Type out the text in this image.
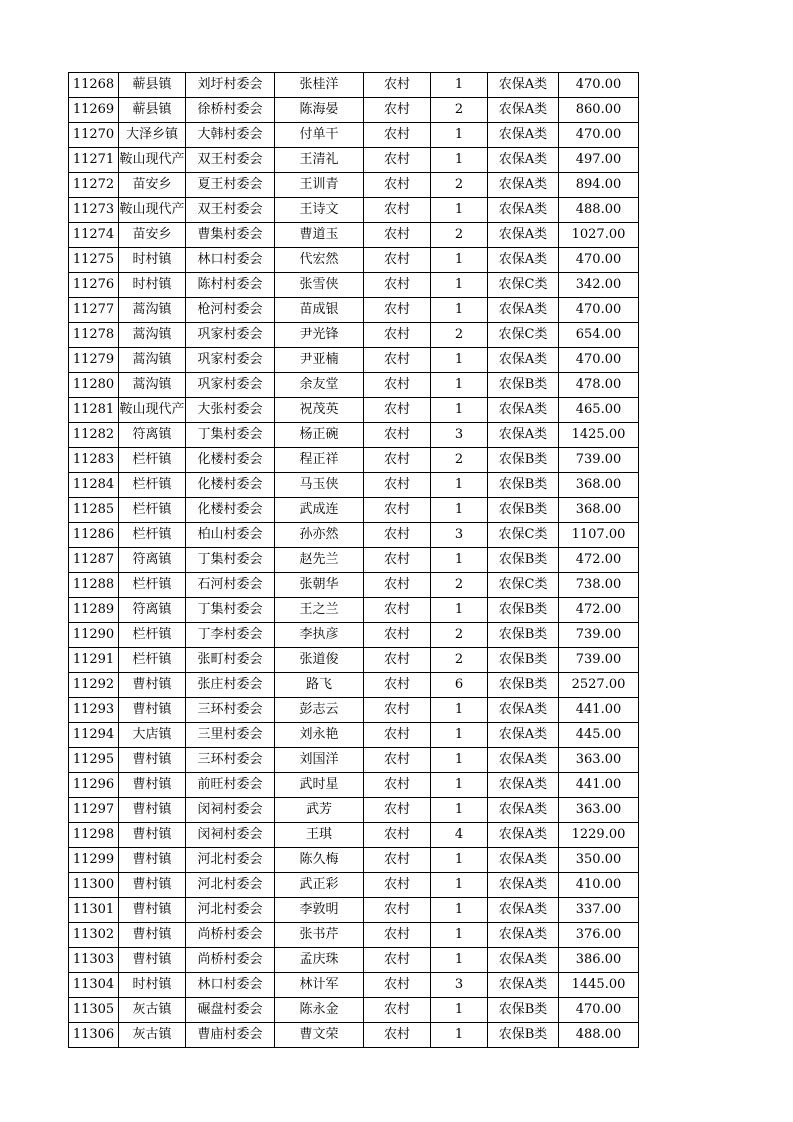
11268	蕲县镇	刘圩村委会	张桂洋	农村	1	农保A类	470.00
11269	蕲县镇	徐桥村委会	陈海晏	农村	2	农保A类	860.00
11270	大泽乡镇	大韩村委会	付单干	农村	1	农保A类	470.00
11271	鞍山现代产	双王村委会	王清礼	农村	1	农保A类	497.00
11272	苗安乡	夏王村委会	王训青	农村	2	农保A类	894.00
11273	鞍山现代产	双王村委会	王诗文	农村	1	农保A类	488.00
11274	苗安乡	曹集村委会	曹道玉	农村	2	农保A类	1027.00
11275	时村镇	林口村委会	代宏然	农村	1	农保A类	470.00
11276	时村镇	陈村村委会	张雪侠	农村	1	农保C类	342.00
11277	蒿沟镇	枪河村委会	苗成银	农村	1	农保A类	470.00
11278	蒿沟镇	巩家村委会	尹光锋	农村	2	农保C类	654.00
11279	蒿沟镇	巩家村委会	尹亚楠	农村	1	农保A类	470.00
11280	蒿沟镇	巩家村委会	余友堂	农村	1	农保B类	478.00
11281	鞍山现代产	大张村委会	祝茂英	农村	1	农保A类	465.00
11282	符离镇	丁集村委会	杨正碗	农村	3	农保A类	1425.00
11283	栏杆镇	化楼村委会	程正祥	农村	2	农保B类	739.00
11284	栏杆镇	化楼村委会	马玉侠	农村	1	农保B类	368.00
11285	栏杆镇	化楼村委会	武成连	农村	1	农保B类	368.00
11286	栏杆镇	柏山村委会	孙亦然	农村	3	农保C类	1107.00
11287	符离镇	丁集村委会	赵先兰	农村	1	农保B类	472.00
11288	栏杆镇	石河村委会	张朝华	农村	2	农保C类	738.00
11289	符离镇	丁集村委会	王之兰	农村	1	农保B类	472.00
11290	栏杆镇	丁李村委会	李执彦	农村	2	农保B类	739.00
11291	栏杆镇	张町村委会	张道俊	农村	2	农保B类	739.00
11292	曹村镇	张庄村委会	路飞	农村	6	农保B类	2527.00
11293	曹村镇	三环村委会	彭志云	农村	1	农保A类	441.00
11294	大店镇	三里村委会	刘永艳	农村	1	农保A类	445.00
11295	曹村镇	三环村委会	刘国洋	农村	1	农保A类	363.00
11296	曹村镇	前旺村委会	武时星	农村	1	农保A类	441.00
11297	曹村镇	闵祠村委会	武芳	农村	1	农保A类	363.00
11298	曹村镇	闵祠村委会	王琪	农村	4	农保A类	1229.00
11299	曹村镇	河北村委会	陈久梅	农村	1	农保A类	350.00
11300	曹村镇	河北村委会	武正彩	农村	1	农保A类	410.00
11301	曹村镇	河北村委会	李敦明	农村	1	农保A类	337.00
11302	曹村镇	尚桥村委会	张书芹	农村	1	农保A类	376.00
11303	曹村镇	尚桥村委会	孟庆珠	农村	1	农保A类	386.00
11304	时村镇	林口村委会	林计军	农村	3	农保A类	1445.00
11305	灰古镇	碾盘村委会	陈永金	农村	1	农保B类	470.00
11306	灰古镇	曹庙村委会	曹文荣	农村	1	农保B类	488.00
